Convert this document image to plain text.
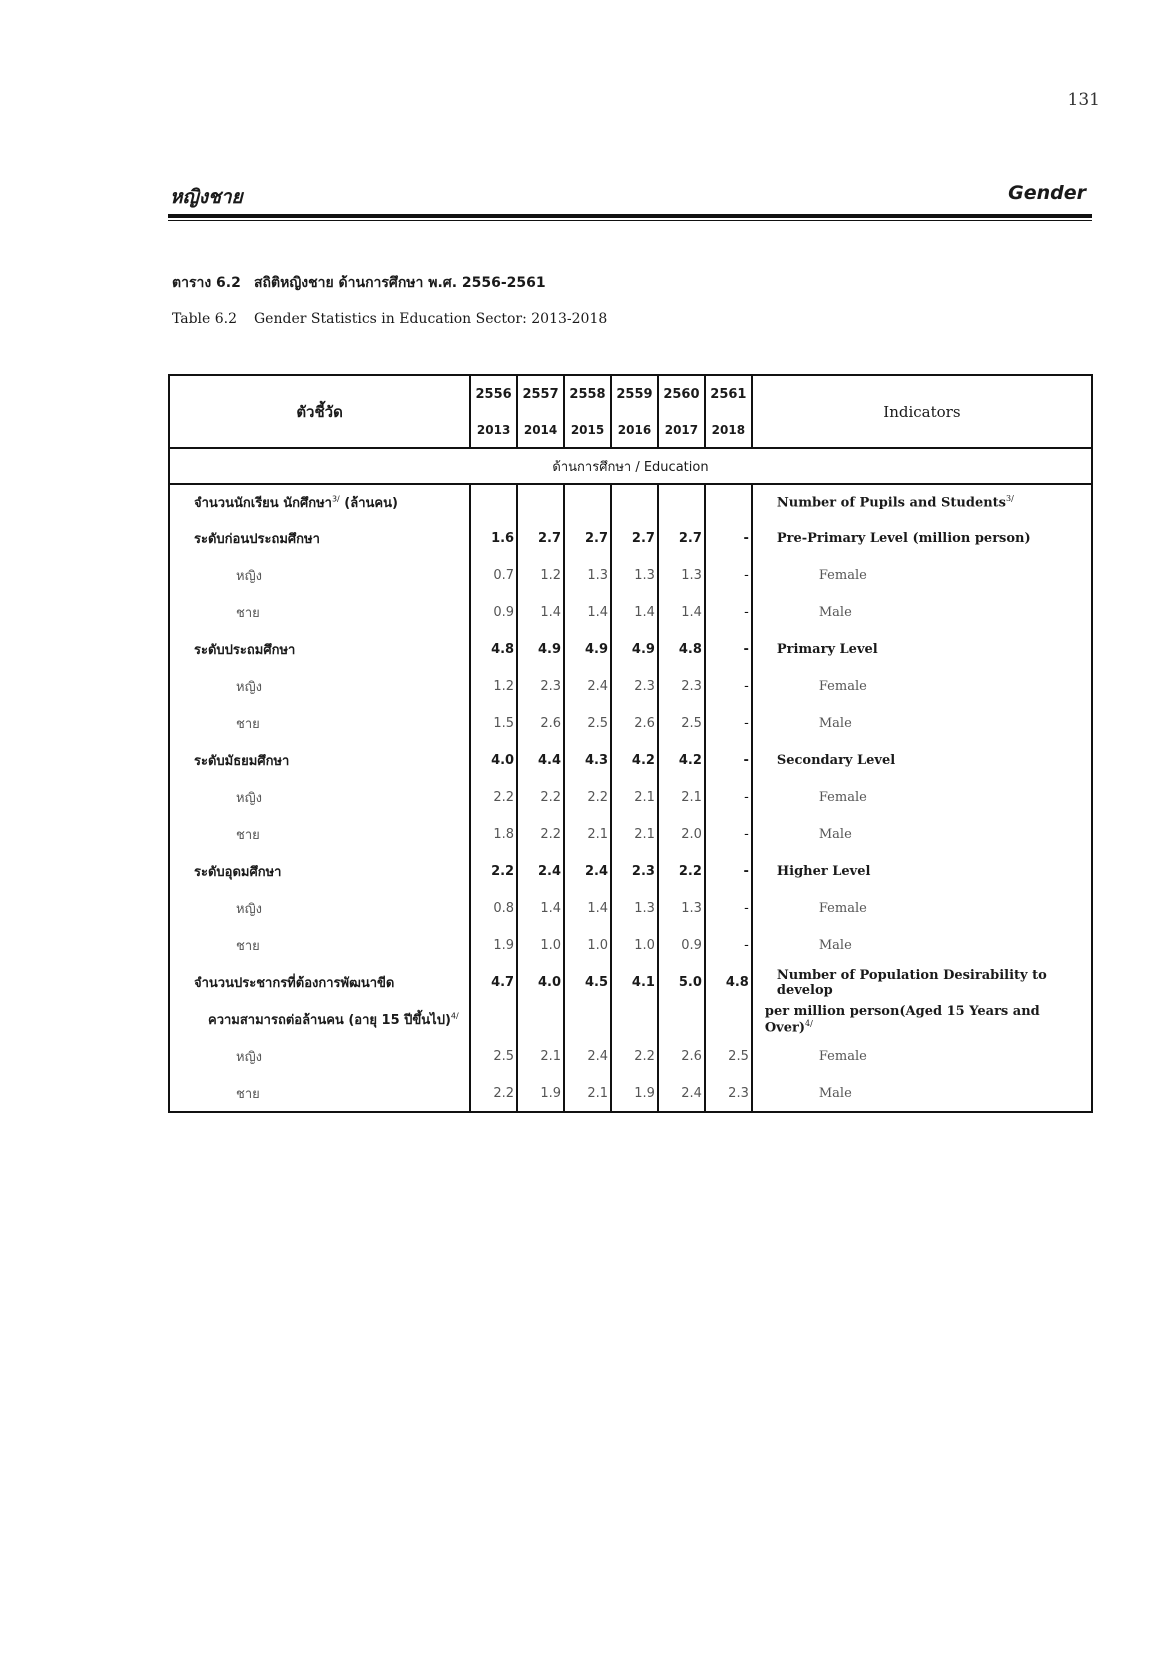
131
หญิงชาย	Gender
ตาราง 6.2 สถิติหญิงชาย ด้านการศึกษา พ.ศ. 2556-2561
Table 6.2 Gender Statistics in Education Sector: 2013-2018
ตัวชี้วัด	2556	2557	2558	2559	2560	2561	Indicators
	2013	2014	2015	2016	2017	2018	
ด้านการศึกษา / Education							
จำนวนนักเรียน นักศึกษา$^{3/}$ (ล้านคน)							Number of Pupils and Students$^{3/}$
ระดับก่อนประถมศึกษา	1.6	2.7	2.7	2.7	2.7	-	Pre-Primary Level (million person)
หญิง	0.7	1.2	1.3	1.3	1.3	-	Female
ชาย	0.9	1.4	1.4	1.4	1.4	-	Male
ระดับประถมศึกษา	4.8	4.9	4.9	4.9	4.8	-	Primary Level
หญิง	1.2	2.3	2.4	2.3	2.3	-	Female
ชาย	1.5	2.6	2.5	2.6	2.5	-	Male
ระดับมัธยมศึกษา	4.0	4.4	4.3	4.2	4.2	-	Secondary Level
หญิง	2.2	2.2	2.2	2.1	2.1	-	Female
ชาย	1.8	2.2	2.1	2.1	2.0	-	Male
ระดับอุดมศึกษา	2.2	2.4	2.4	2.3	2.2	-	Higher Level
หญิง	0.8	1.4	1.4	1.3	1.3	-	Female
ชาย	1.9	1.0	1.0	1.0	0.9	-	Male
จำนวนประชากรที่ต้องการพัฒนาขีด	4.7	4.0	4.5	4.1	5.0	4.8	Number of Population Desirability to develop
ความสามารถต่อล้านคน (อายุ 15 ปีขึ้นไป)$^{4/}$							per million person(Aged 15 Years and Over)$^{4/}$
หญิง	2.5	2.1	2.4	2.2	2.6	2.5	Female
ชาย	2.2	1.9	2.1	1.9	2.4	2.3	Male
